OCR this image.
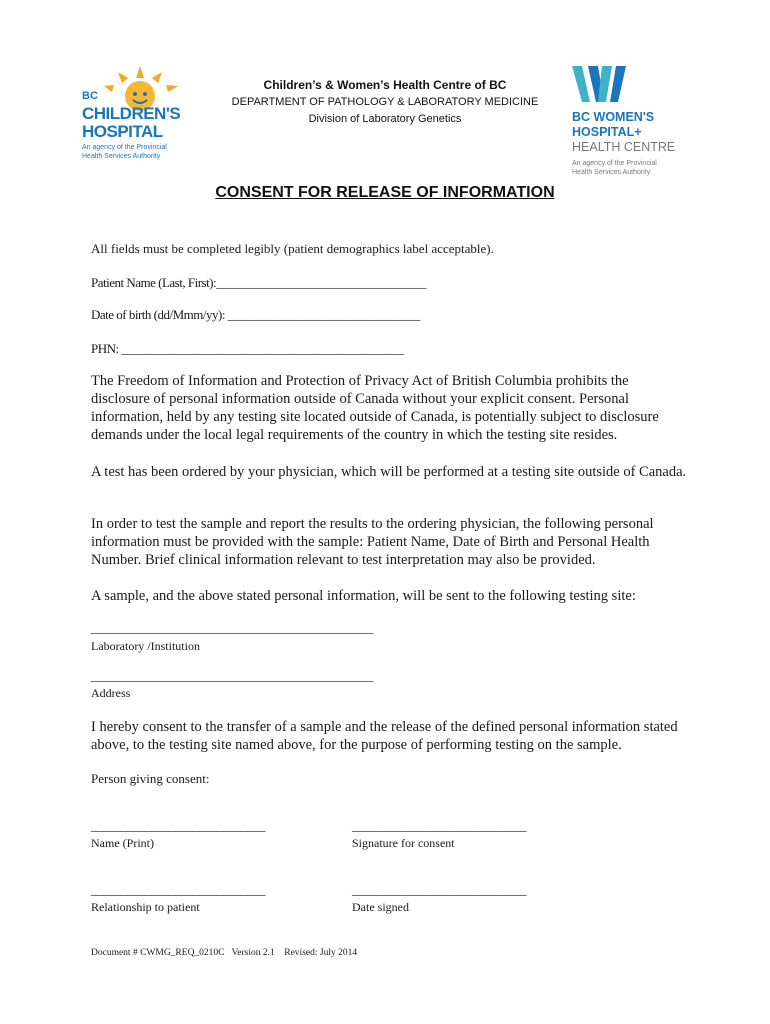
BC
CHILDREN'S
HOSPITAL
An agency of the Provincial
Health Services Authority
Children’s & Women’s Health Centre of BC
DEPARTMENT OF PATHOLOGY & LABORATORY MEDICINE
Division of Laboratory Genetics	BC WOMEN'S
HOSPITAL+
HEALTH CENTRE
An agency of the Provincial
Health Services Authority
CONSENT FOR RELEASE OF INFORMATION
All fields must be completed legibly (patient demographics label acceptable).
Patient Name (Last, First):___________________________________
Date of birth (dd/Mmm/yy): ________________________________
PHN: _______________________________________________
The Freedom of Information and Protection of Privacy Act of British Columbia prohibits the disclosure of personal information outside of Canada without your explicit consent. Personal information, held by any testing site located outside of Canada, is potentially subject to disclosure demands under the local legal requirements of the country in which the testing site resides.
A test has been ordered by your physician, which will be performed at a testing site outside of Canada.
In order to test the sample and report the results to the ordering physician, the following personal information must be provided with the sample: Patient Name, Date of Birth and Personal Health Number. Brief clinical information relevant to test interpretation may also be provided.
A sample, and the above stated personal information, will be sent to the following testing site:
_______________________________________________
Laboratory /Institution
_______________________________________________
Address
I hereby consent to the transfer of a sample and the release of the defined personal information stated above, to the testing site named above, for the purpose of performing testing on the sample.
Person giving consent:
_____________________________
Name (Print)
_____________________________
Signature for consent
_____________________________
Relationship to patient
_____________________________
Date signed
Document # CWMG_REQ_0210C   Version 2.1    Revised: July 2014
